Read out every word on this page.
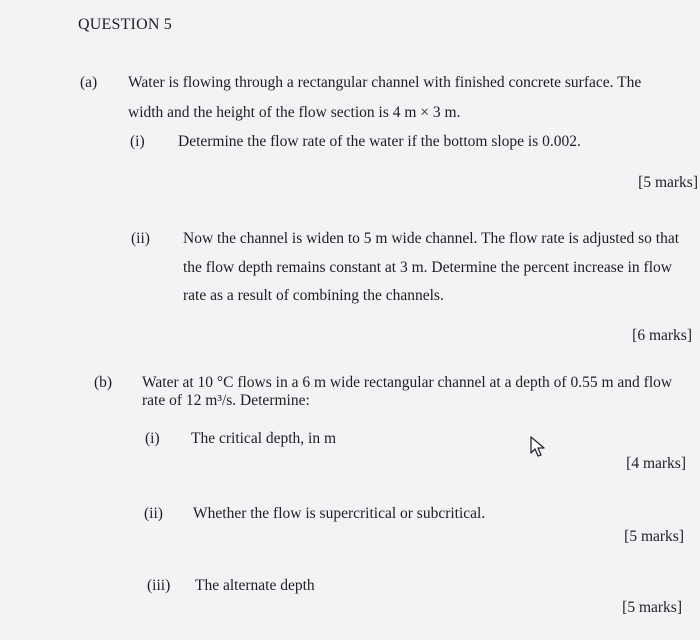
QUESTION 5
(a) Water is flowing through a rectangular channel with finished concrete surface. The
width and the height of the flow section is 4 m × 3 m.
(i) Determine the flow rate of the water if the bottom slope is 0.002.
[5 marks]
(ii) Now the channel is widen to 5 m wide channel. The flow rate is adjusted so that
the flow depth remains constant at 3 m. Determine the percent increase in flow
rate as a result of combining the channels.
[6 marks]
(b) Water at 10 °C flows in a 6 m wide rectangular channel at a depth of 0.55 m and flow
rate of 12 m³/s. Determine:
(i) The critical depth, in m
[4 marks]
(ii) Whether the flow is supercritical or subcritical.
[5 marks]
(iii) The alternate depth
[5 marks]
